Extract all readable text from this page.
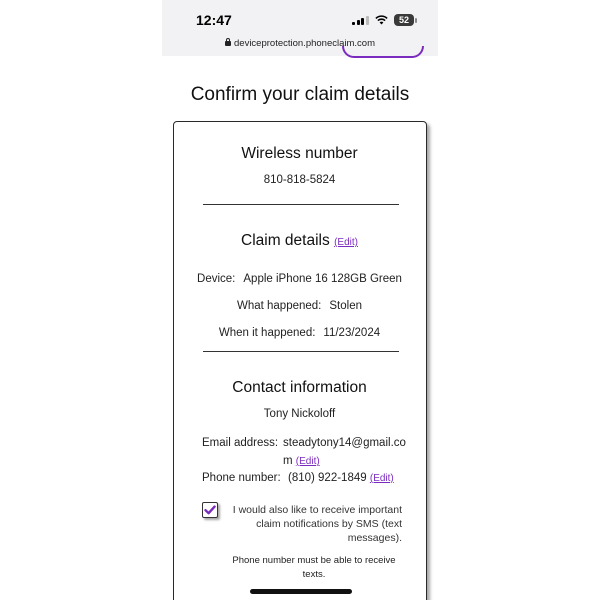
12:47	52
deviceprotection.phoneclaim.com
Confirm your claim details
Wireless number
810-818-5824
Claim details (Edit)
Device: Apple iPhone 16 128GB Green
What happened: Stolen
When it happened: 11/23/2024
Contact information
Tony Nickoloff
Email address: steadytony14@gmail.co
m (Edit)
Phone number: (810) 922-1849 (Edit)
I would also like to receive important claim notifications by SMS (text messages).
Phone number must be able to receive texts.
